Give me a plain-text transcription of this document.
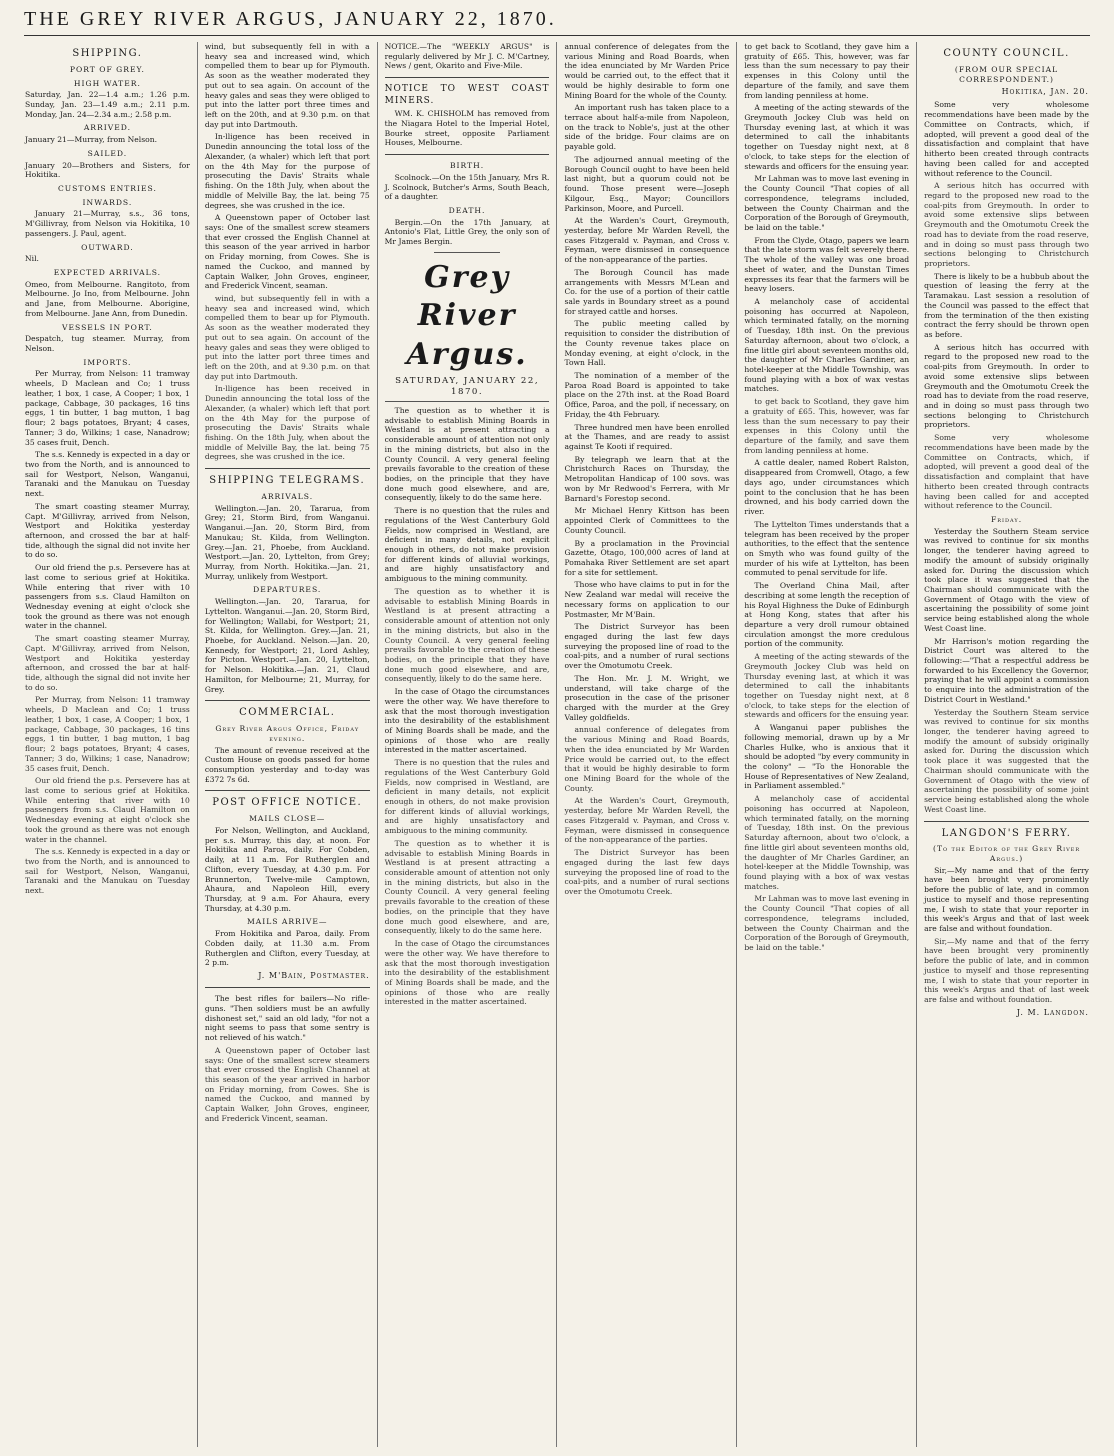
THE GREY RIVER ARGUS, JANUARY 22, 1870.
SHIPPING.
PORT OF GREY.
HIGH WATER.

Saturday, Jan. 22—1.4 a.m.; 1.26 p.m. Sunday, Jan. 23—1.49 a.m.; 2.11 p.m. Monday, Jan. 24—2.34 a.m.; 2.58 p.m.

ARRIVED.

January 21—Murray, from Nelson.

SAILED.

January 20—Brothers and Sisters, for Hokitika.

CUSTOMS ENTRIES.
INWARDS.

January 21—Murray, s.s., 36 tons, M'Gillivray, from Nelson via Hokitika, 10 passengers. J. Paul, agent.

OUTWARD.

Nil.

EXPECTED ARRIVALS.

Omeo, from Melbourne. Rangitoto, from Melbourne. Jo Ino, from Melbourne. John and Jane, from Melbourne. Aborigine, from Melbourne. Jane Ann, from Dunedin.

VESSELS IN PORT.

Despatch, tug steamer. Murray, from Nelson.

IMPORTS.

Per Murray, from Nelson: 11 tramway wheels, D Maclean and Co; 1 truss leather, 1 box, 1 case, A Cooper; 1 box, 1 package, Cabbage, 30 packages, 16 tins eggs, 1 tin butter, 1 bag mutton, 1 bag flour; 2 bags potatoes, Bryant; 4 cases, Tanner; 3 do, Wilkins; 1 case, Nanadrow; 35 cases fruit, Dench.

The s.s. Kennedy is expected in a day or two from the North, and is announced to sail for Westport, Nelson, Wanganui, Taranaki and the Manukau on Tuesday next.

The smart coasting steamer Murray, Capt. M'Gillivray, arrived from Nelson, Westport and Hokitika yesterday afternoon, and crossed the bar at half-tide, although the signal did not invite her to do so.

Our old friend the p.s. Persevere has at last come to serious grief at Hokitika. While entering that river with 10 passengers from s.s. Claud Hamilton on Wednesday evening at eight o'clock she took the ground as there was not enough water in the channel.

The smart coasting steamer Murray, Capt. M'Gillivray, arrived from Nelson, Westport and Hokitika yesterday afternoon, and crossed the bar at half-tide, although the signal did not invite her to do so.

Per Murray, from Nelson: 11 tramway wheels, D Maclean and Co; 1 truss leather, 1 box, 1 case, A Cooper; 1 box, 1 package, Cabbage, 30 packages, 16 tins eggs, 1 tin butter, 1 bag mutton, 1 bag flour; 2 bags potatoes, Bryant; 4 cases, Tanner; 3 do, Wilkins; 1 case, Nanadrow; 35 cases fruit, Dench.

Our old friend the p.s. Persevere has at last come to serious grief at Hokitika. While entering that river with 10 passengers from s.s. Claud Hamilton on Wednesday evening at eight o'clock she took the ground as there was not enough water in the channel.

The s.s. Kennedy is expected in a day or two from the North, and is announced to sail for Westport, Nelson, Wanganui, Taranaki and the Manukau on Tuesday next.

wind, but subsequently fell in with a heavy sea and increased wind, which compelled them to bear up for Plymouth. As soon as the weather moderated they put out to sea again. On account of the heavy gales and seas they were obliged to put into the latter port three times and left on the 20th, and at 9.30 p.m. on that day put into Dartmouth.

In-lligence has been received in Dunedin announcing the total loss of the Alexander, (a whaler) which left that port on the 4th May for the purpose of prosecuting the Davis' Straits whale fishing. On the 18th July, when about the middle of Melville Bay, the lat. being 75 degrees, she was crushed in the ice.

A Queenstown paper of October last says: One of the smallest screw steamers that ever crossed the English Channel at this season of the year arrived in harbor on Friday morning, from Cowes. She is named the Cuckoo, and manned by Captain Walker, John Groves, engineer, and Frederick Vincent, seaman.

wind, but subsequently fell in with a heavy sea and increased wind, which compelled them to bear up for Plymouth. As soon as the weather moderated they put out to sea again. On account of the heavy gales and seas they were obliged to put into the latter port three times and left on the 20th, and at 9.30 p.m. on that day put into Dartmouth.

In-lligence has been received in Dunedin announcing the total loss of the Alexander, (a whaler) which left that port on the 4th May for the purpose of prosecuting the Davis' Straits whale fishing. On the 18th July, when about the middle of Melville Bay, the lat. being 75 degrees, she was crushed in the ice.

SHIPPING TELEGRAMS.
ARRIVALS.

Wellington.—Jan. 20, Tararua, from Grey; 21, Storm Bird, from Wanganui. Wanganui.—Jan. 20, Storm Bird, from Manukau; St. Kilda, from Wellington. Grey.—Jan. 21, Phoebe, from Auckland. Westport.—Jan. 20, Lyttelton, from Grey; Murray, from North. Hokitika.—Jan. 21, Murray, unlikely from Westport.

DEPARTURES.

Wellington.—Jan. 20, Tararua, for Lyttelton. Wanganui.—Jan. 20, Storm Bird, for Wellington; Wallabi, for Westport; 21, St. Kilda, for Wellington. Grey.—Jan. 21, Phoebe, for Auckland. Nelson.—Jan. 20, Kennedy, for Westport; 21, Lord Ashley, for Picton. Westport.—Jan. 20, Lyttelton, for Nelson. Hokitika.—Jan. 21, Claud Hamilton, for Melbourne; 21, Murray, for Grey.

COMMERCIAL.
Grey River Argus Office, Friday evening.

The amount of revenue received at the Custom House on goods passed for home consumption yesterday and to-day was £372 7s 6d.

POST OFFICE NOTICE.
MAILS CLOSE—

For Nelson, Wellington, and Auckland, per s.s. Murray, this day, at noon. For Hokitika and Paroa, daily. For Cobden, daily, at 11 a.m. For Rutherglen and Clifton, every Tuesday, at 4.30 p.m. For Brunnerton, Twelve-mile Camptown, Ahaura, and Napoleon Hill, every Thursday, at 9 a.m. For Ahaura, every Thursday, at 4.30 p.m.

MAILS ARRIVE—

From Hokitika and Paroa, daily. From Cobden daily, at 11.30 a.m. From Rutherglen and Clifton, every Tuesday, at 2 p.m.

J. M'Bain, Postmaster.

The best rifles for bailers—No rifle-guns. "Then soldiers must be an awfully dishonest set," said an old lady, "for not a night seems to pass that some sentry is not relieved of his watch."

A Queenstown paper of October last says: One of the smallest screw steamers that ever crossed the English Channel at this season of the year arrived in harbor on Friday morning, from Cowes. She is named the Cuckoo, and manned by Captain Walker, John Groves, engineer, and Frederick Vincent, seaman.

NOTICE.—The "WEEKLY ARGUS" is regularly delivered by Mr J. C. M'Cartney, News / gent, Okarito and Five-Mile.

NOTICE TO WEST COAST MINERS.

WM. K. CHISHOLM has removed from the Niagara Hotel to the Imperial Hotel, Bourke street, opposite Parliament Houses, Melbourne.

BIRTH.

Scolnock.—On the 15th January, Mrs R. J. Scolnock, Butcher's Arms, South Beach, of a daughter.

DEATH.

Bergin.—On the 17th January, at Antonio's Flat, Little Grey, the only son of Mr James Bergin.

Grey River Argus.
SATURDAY, JANUARY 22, 1870.

The question as to whether it is advisable to establish Mining Boards in Westland is at present attracting a considerable amount of attention not only in the mining districts, but also in the County Council. A very general feeling prevails favorable to the creation of these bodies, on the principle that they have done much good elsewhere, and are, consequently, likely to do the same here.

There is no question that the rules and regulations of the West Canterbury Gold Fields, now comprised in Westland, are deficient in many details, not explicit enough in others, do not make provision for different kinds of alluvial workings, and are highly unsatisfactory and ambiguous to the mining community.

The question as to whether it is advisable to establish Mining Boards in Westland is at present attracting a considerable amount of attention not only in the mining districts, but also in the County Council. A very general feeling prevails favorable to the creation of these bodies, on the principle that they have done much good elsewhere, and are, consequently, likely to do the same here.

In the case of Otago the circumstances were the other way. We have therefore to ask that the most thorough investigation into the desirability of the establishment of Mining Boards shall be made, and the opinions of those who are really interested in the matter ascertained.

There is no question that the rules and regulations of the West Canterbury Gold Fields, now comprised in Westland, are deficient in many details, not explicit enough in others, do not make provision for different kinds of alluvial workings, and are highly unsatisfactory and ambiguous to the mining community.

The question as to whether it is advisable to establish Mining Boards in Westland is at present attracting a considerable amount of attention not only in the mining districts, but also in the County Council. A very general feeling prevails favorable to the creation of these bodies, on the principle that they have done much good elsewhere, and are, consequently, likely to do the same here.

In the case of Otago the circumstances were the other way. We have therefore to ask that the most thorough investigation into the desirability of the establishment of Mining Boards shall be made, and the opinions of those who are really interested in the matter ascertained.

annual conference of delegates from the various Mining and Road Boards, when the idea enunciated by Mr Warden Price would be carried out, to the effect that it would be highly desirable to form one Mining Board for the whole of the County.

An important rush has taken place to a terrace about half-a-mile from Napoleon, on the track to Noble's, just at the other side of the bridge. Four claims are on payable gold.

The adjourned annual meeting of the Borough Council ought to have been held last night, but a quorum could not be found. Those present were—Joseph Kilgour, Esq., Mayor; Councillors Parkinson, Moore, and Purcell.

At the Warden's Court, Greymouth, yesterday, before Mr Warden Revell, the cases Fitzgerald v. Payman, and Cross v. Feyman, were dismissed in consequence of the non-appearance of the parties.

The Borough Council has made arrangements with Messrs M'Lean and Co. for the use of a portion of their cattle sale yards in Boundary street as a pound for strayed cattle and horses.

The public meeting called by requisition to consider the distribution of the County revenue takes place on Monday evening, at eight o'clock, in the Town Hall.

The nomination of a member of the Paroa Road Board is appointed to take place on the 27th inst. at the Road Board Office, Paroa, and the poll, if necessary, on Friday, the 4th February.

Three hundred men have been enrolled at the Thames, and are ready to assist against Te Kooti if required.

By telegraph we learn that at the Christchurch Races on Thursday, the Metropolitan Handicap of 100 sovs. was won by Mr Redwood's Ferrera, with Mr Barnard's Forestop second.

Mr Michael Henry Kittson has been appointed Clerk of Committees to the County Council.

By a proclamation in the Provincial Gazette, Otago, 100,000 acres of land at Pomahaka River Settlement are set apart for a site for settlement.

Those who have claims to put in for the New Zealand war medal will receive the necessary forms on application to our Postmaster, Mr M'Bain.

The District Surveyor has been engaged during the last few days surveying the proposed line of road to the coal-pits, and a number of rural sections over the Omotumotu Creek.

The Hon. Mr. J. M. Wright, we understand, will take charge of the prosecution in the case of the prisoner charged with the murder at the Grey Valley goldfields.

annual conference of delegates from the various Mining and Road Boards, when the idea enunciated by Mr Warden Price would be carried out, to the effect that it would be highly desirable to form one Mining Board for the whole of the County.

At the Warden's Court, Greymouth, yesterday, before Mr Warden Revell, the cases Fitzgerald v. Payman, and Cross v. Feyman, were dismissed in consequence of the non-appearance of the parties.

The District Surveyor has been engaged during the last few days surveying the proposed line of road to the coal-pits, and a number of rural sections over the Omotumotu Creek.

to get back to Scotland, they gave him a gratuity of £65. This, however, was far less than the sum necessary to pay their expenses in this Colony until the departure of the family, and save them from landing penniless at home.

A meeting of the acting stewards of the Greymouth Jockey Club was held on Thursday evening last, at which it was determined to call the inhabitants together on Tuesday night next, at 8 o'clock, to take steps for the election of stewards and officers for the ensuing year.

Mr Lahman was to move last evening in the County Council "That copies of all correspondence, telegrams included, between the County Chairman and the Corporation of the Borough of Greymouth, be laid on the table."

From the Clyde, Otago, papers we learn that the late storm was felt severely there. The whole of the valley was one broad sheet of water, and the Dunstan Times expresses its fear that the farmers will be heavy losers.

A melancholy case of accidental poisoning has occurred at Napoleon, which terminated fatally, on the morning of Tuesday, 18th inst. On the previous Saturday afternoon, about two o'clock, a fine little girl about seventeen months old, the daughter of Mr Charles Gardiner, an hotel-keeper at the Middle Township, was found playing with a box of wax vestas matches.

to get back to Scotland, they gave him a gratuity of £65. This, however, was far less than the sum necessary to pay their expenses in this Colony until the departure of the family, and save them from landing penniless at home.

A cattle dealer, named Robert Ralston, disappeared from Cromwell, Otago, a few days ago, under circumstances which point to the conclusion that he has been drowned, and his body carried down the river.

The Lyttelton Times understands that a telegram has been received by the proper authorities, to the effect that the sentence on Smyth who was found guilty of the murder of his wife at Lyttelton, has been commuted to penal servitude for life.

The Overland China Mail, after describing at some length the reception of his Royal Highness the Duke of Edinburgh at Hong Kong, states that after his departure a very droll rumour obtained circulation amongst the more credulous portion of the community.

A meeting of the acting stewards of the Greymouth Jockey Club was held on Thursday evening last, at which it was determined to call the inhabitants together on Tuesday night next, at 8 o'clock, to take steps for the election of stewards and officers for the ensuing year.

A Wanganui paper publishes the following memorial, drawn up by a Mr Charles Hulke, who is anxious that it should be adopted "by every community in the colony" — "To the Honorable the House of Representatives of New Zealand, in Parliament assembled."

A melancholy case of accidental poisoning has occurred at Napoleon, which terminated fatally, on the morning of Tuesday, 18th inst. On the previous Saturday afternoon, about two o'clock, a fine little girl about seventeen months old, the daughter of Mr Charles Gardiner, an hotel-keeper at the Middle Township, was found playing with a box of wax vestas matches.

Mr Lahman was to move last evening in the County Council "That copies of all correspondence, telegrams included, between the County Chairman and the Corporation of the Borough of Greymouth, be laid on the table."

COUNTY COUNCIL.
(FROM OUR SPECIAL CORRESPONDENT.)
Hokitika, Jan. 20.

Some very wholesome recommendations have been made by the Committee on Contracts, which, if adopted, will prevent a good deal of the dissatisfaction and complaint that have hitherto been created through contracts having been called for and accepted without reference to the Council.

A serious hitch has occurred with regard to the proposed new road to the coal-pits from Greymouth. In order to avoid some extensive slips between Greymouth and the Omotumotu Creek the road has to deviate from the road reserve, and in doing so must pass through two sections belonging to Christchurch proprietors.

There is likely to be a hubbub about the question of leasing the ferry at the Taramakau. Last session a resolution of the Council was passed to the effect that from the termination of the then existing contract the ferry should be thrown open as before.

A serious hitch has occurred with regard to the proposed new road to the coal-pits from Greymouth. In order to avoid some extensive slips between Greymouth and the Omotumotu Creek the road has to deviate from the road reserve, and in doing so must pass through two sections belonging to Christchurch proprietors.

Some very wholesome recommendations have been made by the Committee on Contracts, which, if adopted, will prevent a good deal of the dissatisfaction and complaint that have hitherto been created through contracts having been called for and accepted without reference to the Council.

Friday.

Yesterday the Southern Steam service was revived to continue for six months longer, the tenderer having agreed to modify the amount of subsidy originally asked for. During the discussion which took place it was suggested that the Chairman should communicate with the Government of Otago with the view of ascertaining the possibility of some joint service being established along the whole West Coast line.

Mr Harrison's motion regarding the District Court was altered to the following:—"That a respectful address be forwarded to his Excellency the Governor, praying that he will appoint a commission to enquire into the administration of the District Court in Westland."

Yesterday the Southern Steam service was revived to continue for six months longer, the tenderer having agreed to modify the amount of subsidy originally asked for. During the discussion which took place it was suggested that the Chairman should communicate with the Government of Otago with the view of ascertaining the possibility of some joint service being established along the whole West Coast line.

LANGDON'S FERRY.
(To the Editor of the Grey River Argus.)

Sir,—My name and that of the ferry have been brought very prominently before the public of late, and in common justice to myself and those representing me, I wish to state that your reporter in this week's Argus and that of last week are false and without foundation.

Sir,—My name and that of the ferry have been brought very prominently before the public of late, and in common justice to myself and those representing me, I wish to state that your reporter in this week's Argus and that of last week are false and without foundation.

J. M. Langdon.
